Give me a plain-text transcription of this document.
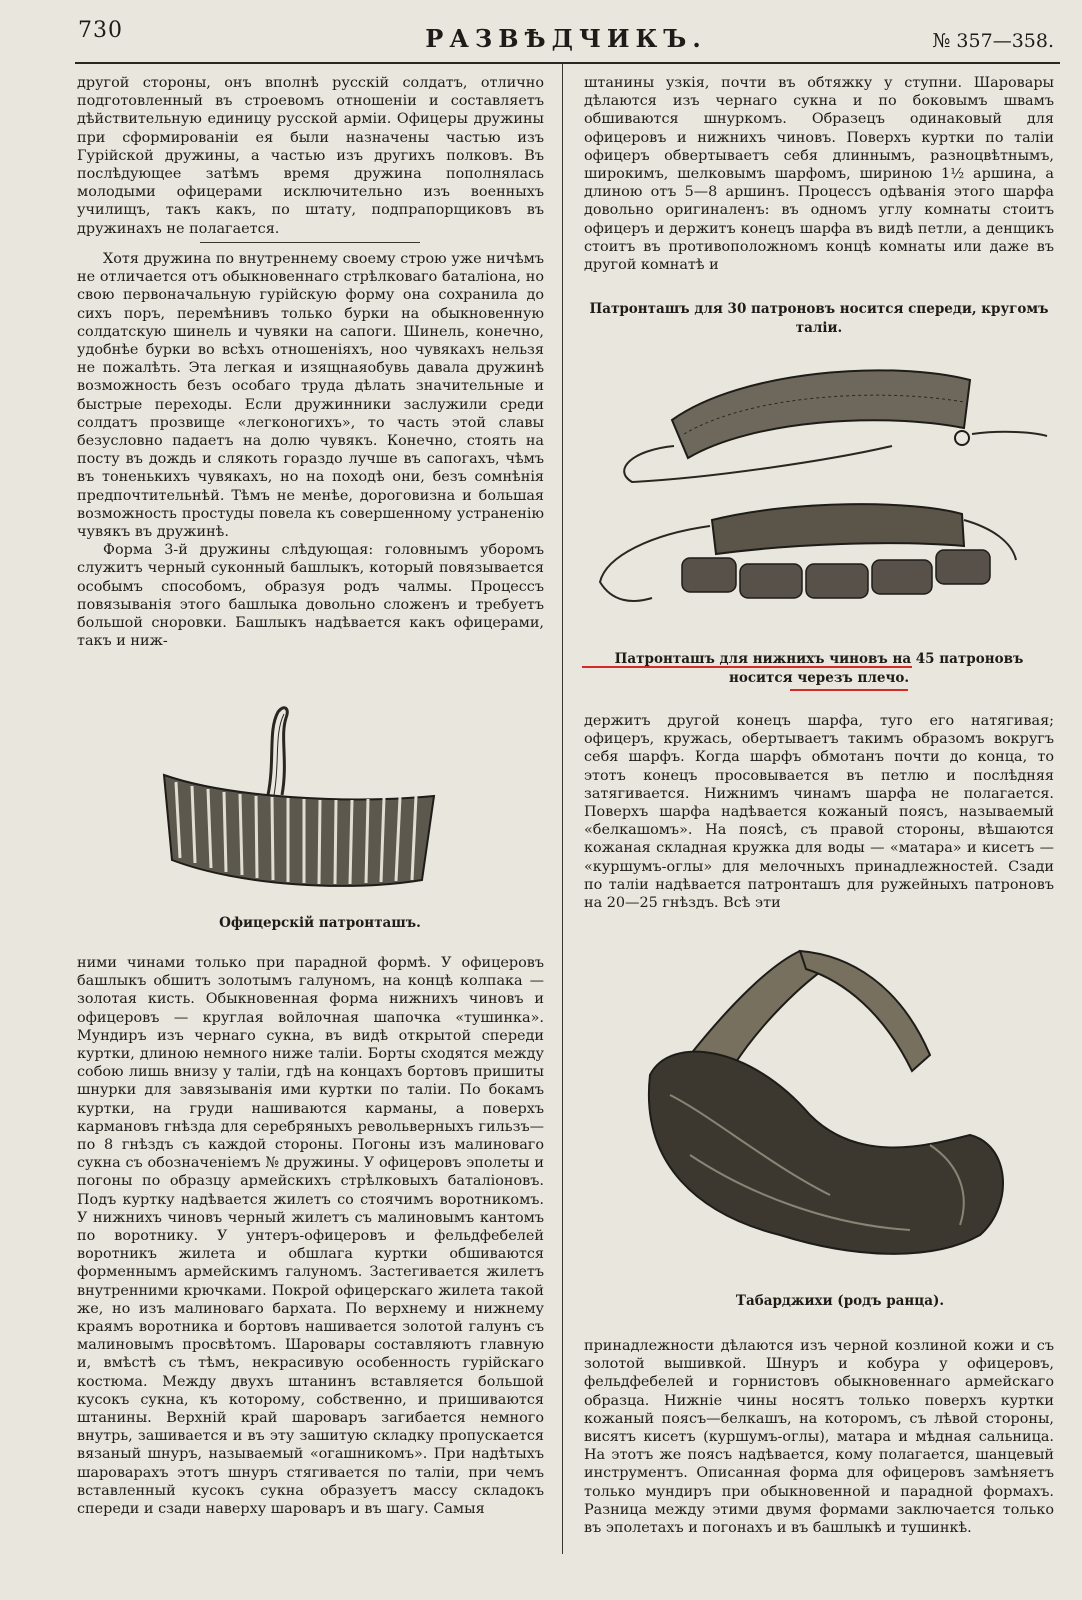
730	РАЗВѢДЧИКЪ.	№ 357—358.

другой стороны, онъ вполнѣ русскій солдатъ, отлично подготовленный въ строевомъ отношеніи и составляетъ дѣйствительную единицу русской арміи. Офицеры дружины при сформированіи ея были назначены частью изъ Гурійской дружины, а частью изъ другихъ полковъ. Въ послѣдующее затѣмъ время дружина пополнялась молодыми офицерами исключительно изъ военныхъ училищъ, такъ какъ, по штату, подпрапорщиковъ въ дружинахъ не полагается.

Хотя дружина по внутреннему своему строю уже ничѣмъ не отличается отъ обыкновеннаго стрѣлковаго баталіона, но свою первоначальную гурійскую форму она сохранила до сихъ поръ, перемѣнивъ только бурки на обыкновенную солдатскую шинель и чувяки на сапоги. Шинель, конечно, удобнѣе бурки во всѣхъ отношеніяхъ, ноо чувякахъ нельзя не пожалѣть. Эта легкая и изящнаяобувь давала дружинѣ возможность безъ особаго труда дѣлать значительные и быстрые переходы. Если дружинники заслужили среди солдатъ прозвище «легконогихъ», то часть этой славы безусловно падаетъ на долю чувякъ. Конечно, стоять на посту въ дождь и слякоть гораздо лучше въ сапогахъ, чѣмъ въ тоненькихъ чувякахъ, но на походѣ они, безъ сомнѣнія предпочтительнѣй. Тѣмъ не менѣе, дороговизна и большая возможность простуды повела къ совершенному устраненію чувякъ въ дружинѣ.

Форма 3-й дружины слѣдующая: головнымъ уборомъ служитъ черный суконный башлыкъ, который повязывается особымъ способомъ, образуя родъ чалмы. Процессъ повязыванія этого башлыка довольно сложенъ и требуетъ большой сноровки. Башлыкъ надѣвается какъ офицерами, такъ и ниж-

Офицерскій патронташъ.

ними чинами только при парадной формѣ. У офицеровъ башлыкъ обшитъ золотымъ галуномъ, на концѣ колпака — золотая кисть. Обыкновенная форма нижнихъ чиновъ и офицеровъ — круглая войлочная шапочка «тушинка». Мундиръ изъ чернаго сукна, въ видѣ открытой спереди куртки, длиною немного ниже таліи. Борты сходятся между собою лишь внизу у таліи, гдѣ на концахъ бортовъ пришиты шнурки для завязыванія ими куртки по таліи. По бокамъ куртки, на груди нашиваются карманы, а поверхъ кармановъ гнѣзда для серебряныхъ револьверныхъ гильзъ—по 8 гнѣздъ съ каждой стороны. Погоны изъ малиноваго сукна съ обозначеніемъ № дружины. У офицеровъ эполеты и погоны по образцу армейскихъ стрѣлковыхъ баталіоновъ. Подъ куртку надѣвается жилетъ со стоячимъ воротникомъ. У нижнихъ чиновъ черный жилетъ съ малиновымъ кантомъ по воротнику. У унтеръ-офицеровъ и фельдфебелей воротникъ жилета и обшлага куртки обшиваются форменнымъ армейскимъ галуномъ. Застегивается жилетъ внутренними крючками. Покрой офицерскаго жилета такой же, но изъ малиноваго бархата. По верхнему и нижнему краямъ воротника и бортовъ нашивается золотой галунъ съ малиновымъ просвѣтомъ. Шаровары составляютъ главную и, вмѣстѣ съ тѣмъ, некрасивую особенность гурійскаго костюма. Между двухъ штанинъ вставляется большой кусокъ сукна, къ которому, собственно, и пришиваются штанины. Верхній край шароваръ загибается немного внутрь, зашивается и въ эту зашитую складку пропускается вязаный шнуръ, называемый «огашникомъ». При надѣтыхъ шароварахъ этотъ шнуръ стягивается по таліи, при чемъ вставленный кусокъ сукна образуетъ массу складокъ спереди и сзади наверху шароваръ и въ шагу. Самыя

штанины узкія, почти въ обтяжку у ступни. Шаровары дѣлаются изъ чернаго сукна и по боковымъ швамъ обшиваются шнуркомъ. Образецъ одинаковый для офицеровъ и нижнихъ чиновъ. Поверхъ куртки по таліи офицеръ обвертываетъ себя длиннымъ, разноцвѣтнымъ, широкимъ, шелковымъ шарфомъ, шириною 1½ аршина, а длиною отъ 5—8 аршинъ. Процессъ одѣванія этого шарфа довольно оригиналенъ: въ одномъ углу комнаты стоитъ офицеръ и держитъ конецъ шарфа въ видѣ петли, а денщикъ стоитъ въ противоположномъ концѣ комнаты или даже въ другой комнатѣ и

Патронташъ для 30 патроновъ носится спереди, кругомъ таліи.
Патронташъ для нижнихъ чиновъ на 45 патроновъ носится черезъ плечо.

держитъ другой конецъ шарфа, туго его натягивая; офицеръ, кружась, обертываетъ такимъ образомъ вокругъ себя шарфъ. Когда шарфъ обмотанъ почти до конца, то этотъ конецъ просовывается въ петлю и послѣдняя затягивается. Нижнимъ чинамъ шарфа не полагается. Поверхъ шарфа надѣвается кожаный поясъ, называемый «белкашомъ». На поясѣ, съ правой стороны, вѣшаются кожаная складная кружка для воды — «матара» и кисетъ — «куршумъ-оглы» для мелочныхъ принадлежностей. Сзади по таліи надѣвается патронташъ для ружейныхъ патроновъ на 20—25 гнѣздъ. Всѣ эти

Табарджихи (родъ ранца).

принадлежности дѣлаются изъ черной козлиной кожи и съ золотой вышивкой. Шнуръ и кобура у офицеровъ, фельдфебелей и горнистовъ обыкновеннаго армейскаго образца. Нижніе чины носятъ только поверхъ куртки кожаный поясъ—белкашъ, на которомъ, съ лѣвой стороны, висятъ кисетъ (куршумъ-оглы), матара и мѣдная сальница. На этотъ же поясъ надѣвается, кому полагается, шанцевый инструментъ. Описанная форма для офицеровъ замѣняетъ только мундиръ при обыкновенной и парадной формахъ. Разница между этими двумя формами заключается только въ эполетахъ и погонахъ и въ башлыкѣ и тушинкѣ.
